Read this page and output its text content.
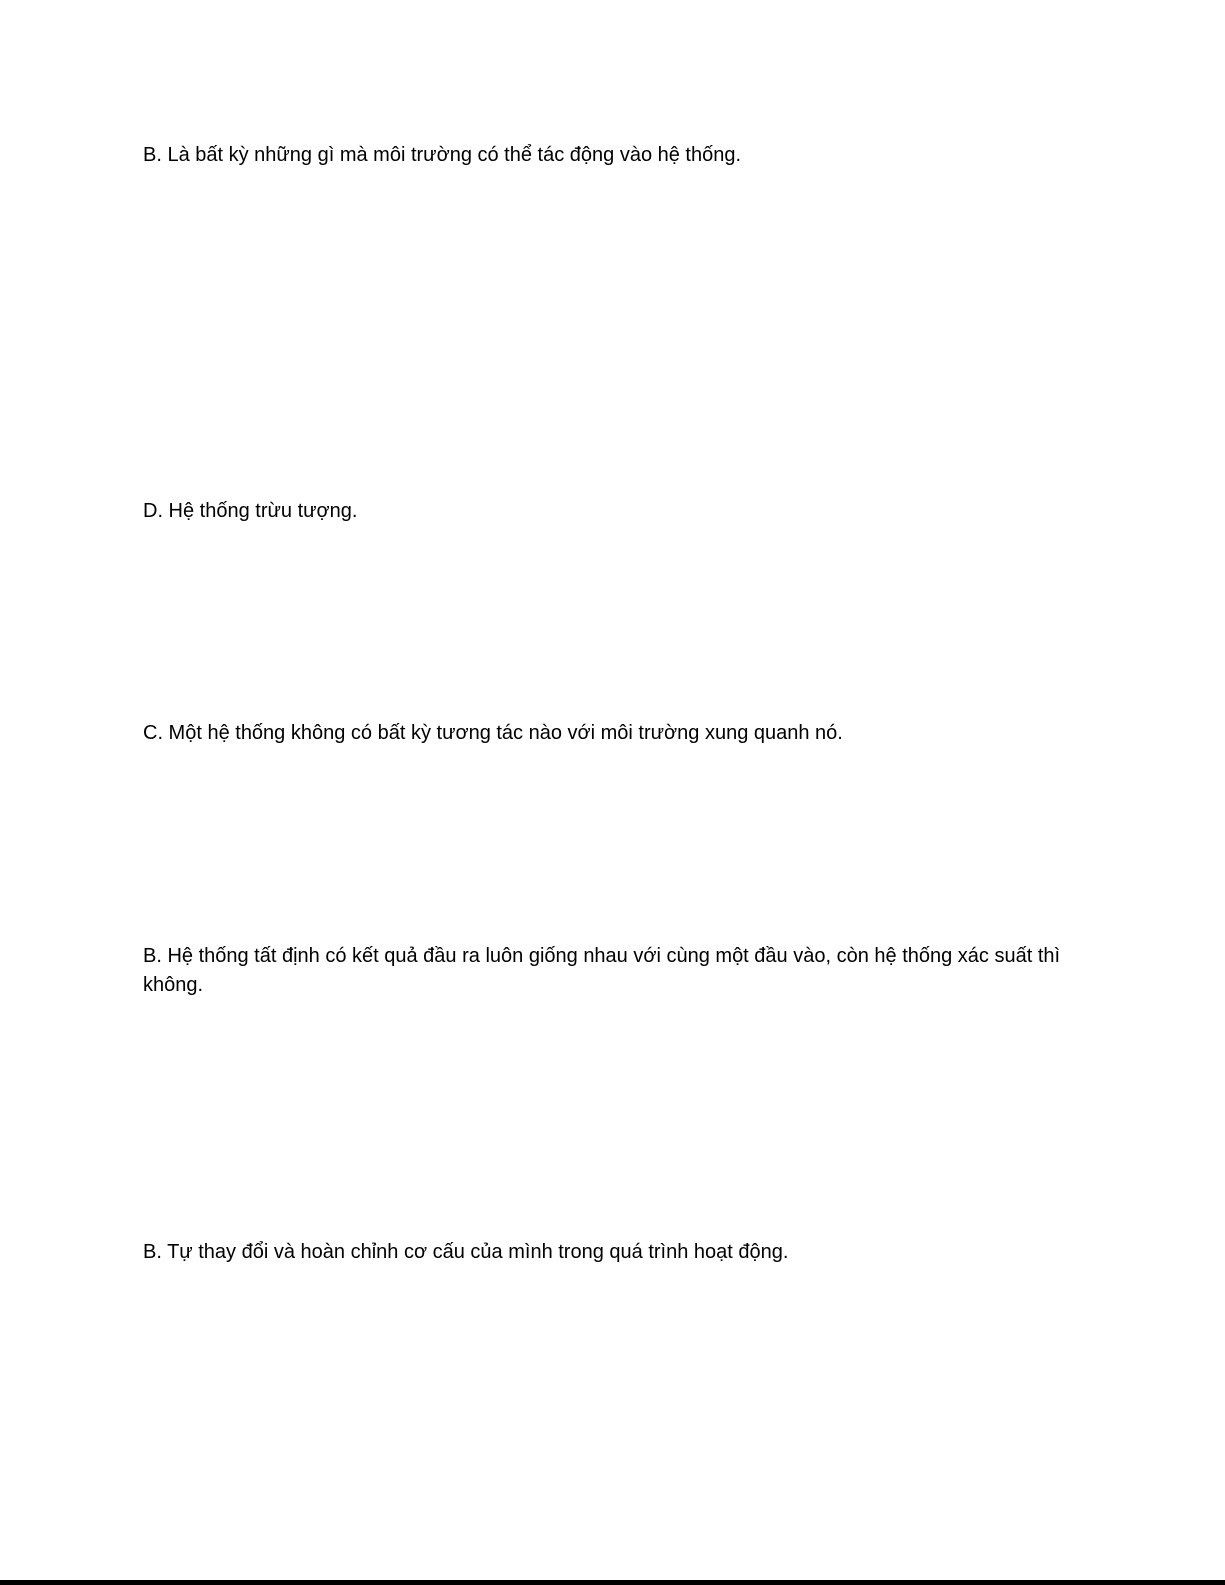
B. Là bất kỳ những gì mà môi trường có thể tác động vào hệ thống.

D. Hệ thống trừu tượng.

C. Một hệ thống không có bất kỳ tương tác nào với môi trường xung quanh nó.

B. Hệ thống tất định có kết quả đầu ra luôn giống nhau với cùng một đầu vào, còn hệ thống xác suất thì không.

B. Tự thay đổi và hoàn chỉnh cơ cấu của mình trong quá trình hoạt động.
